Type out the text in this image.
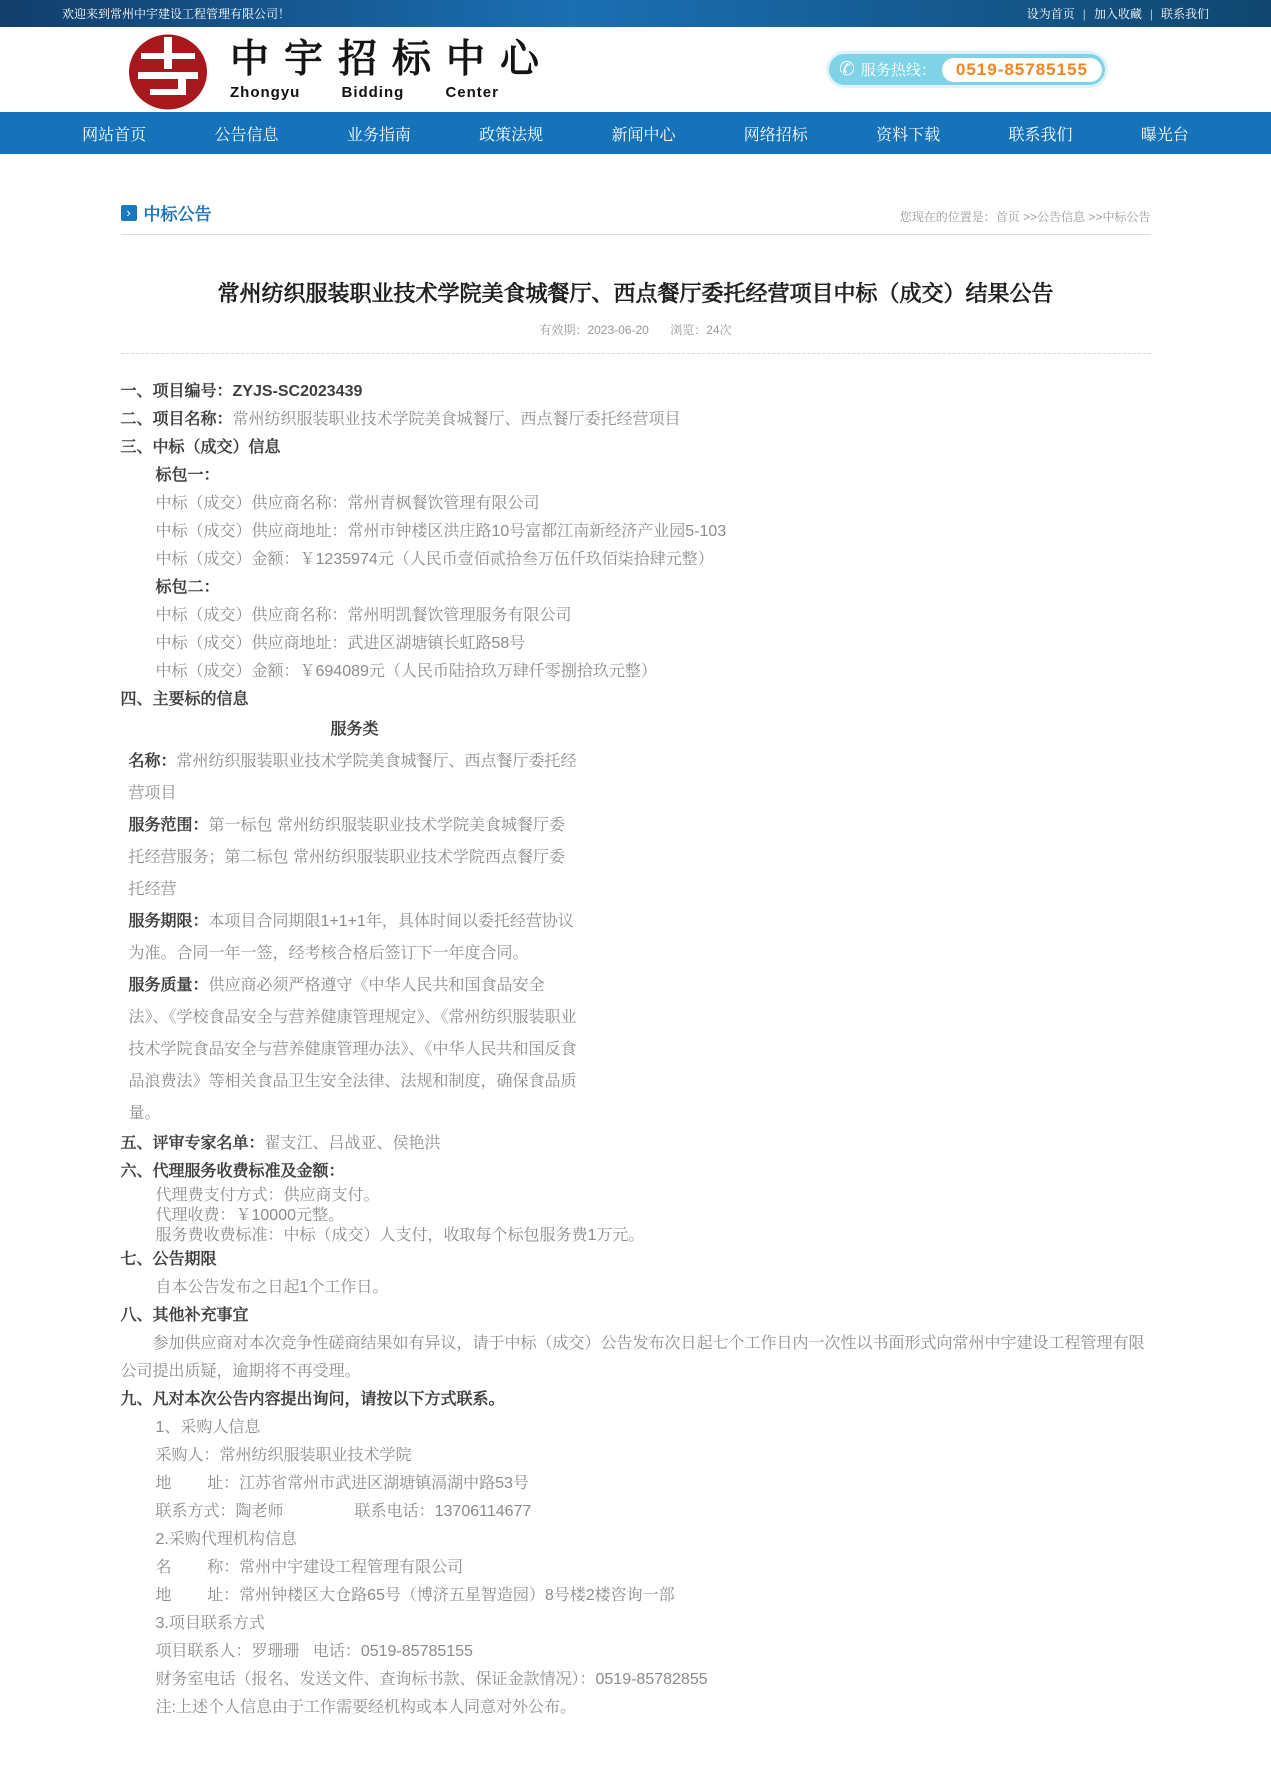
欢迎来到常州中宇建设工程管理有限公司！	设为首页 | 加入收藏 | 联系我们
中宇招标中心
Zhongyu Bidding Center
✆ 服务热线：	0519-85785155
网站首页	公告信息	业务指南	政策法规	新闻中心	网络招标	资料下载	联系我们	曝光台
› 中标公告	您现在的位置是：首页 >>公告信息 >>中标公告
常州纺织服装职业技术学院美食城餐厅、西点餐厅委托经营项目中标（成交）结果公告
有效期：2023-06-20 浏览：24次
一、项目编号：ZYJS-SC2023439
二、项目名称：常州纺织服装职业技术学院美食城餐厅、西点餐厅委托经营项目
三、中标（成交）信息
标包一：
中标（成交）供应商名称：常州青枫餐饮管理有限公司
中标（成交）供应商地址：常州市钟楼区洪庄路10号富都江南新经济产业园5-103
中标（成交）金额：￥1235974元（人民币壹佰贰拾叁万伍仟玖佰柒拾肆元整）
标包二：
中标（成交）供应商名称：常州明凯餐饮管理服务有限公司
中标（成交）供应商地址：武进区湖塘镇长虹路58号
中标（成交）金额：￥694089元（人民币陆拾玖万肆仟零捌拾玖元整）
四、主要标的信息
服务类
名称：常州纺织服装职业技术学院美食城餐厅、西点餐厅委托经营项目
服务范围：第一标包 常州纺织服装职业技术学院美食城餐厅委托经营服务；第二标包 常州纺织服装职业技术学院西点餐厅委托经营
服务期限：本项目合同期限1+1+1年，具体时间以委托经营协议为准。合同一年一签，经考核合格后签订下一年度合同。
服务质量：供应商必须严格遵守《中华人民共和国食品安全法》、《学校食品安全与营养健康管理规定》、《常州纺织服装职业技术学院食品安全与营养健康管理办法》、《中华人民共和国反食品浪费法》等相关食品卫生安全法律、法规和制度，确保食品质量。
五、评审专家名单：翟支江、吕战亚、侯艳洪
六、代理服务收费标准及金额：
代理费支付方式：供应商支付。
代理收费：￥10000元整。
服务费收费标准：中标（成交）人支付，收取每个标包服务费1万元。
七、公告期限
自本公告发布之日起1个工作日。
八、其他补充事宜
参加供应商对本次竞争性磋商结果如有异议，请于中标（成交）公告发布次日起七个工作日内一次性以书面形式向常州中宇建设工程管理有限公司提出质疑，逾期将不再受理。
九、凡对本次公告内容提出询问，请按以下方式联系。
1、采购人信息
采购人：常州纺织服装职业技术学院
地        址：江苏省常州市武进区湖塘镇滆湖中路53号
联系方式：陶老师                联系电话：13706114677
2.采购代理机构信息
名        称：常州中宇建设工程管理有限公司
地        址：常州钟楼区大仓路65号（博济五星智造园）8号楼2楼咨询一部
3.项目联系方式
项目联系人：罗珊珊   电话：0519-85785155
财务室电话（报名、发送文件、查询标书款、保证金款情况）：0519-85782855
注:上述个人信息由于工作需要经机构或本人同意对外公布。
